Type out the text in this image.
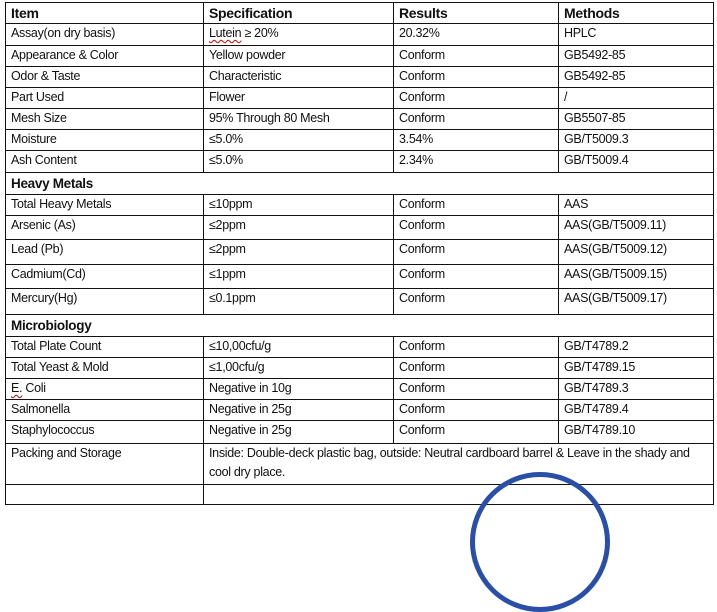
Item	Specification	Results	Methods
Assay(on dry basis)	Lutein ≥ 20%	20.32%	HPLC
Appearance & Color	Yellow powder	Conform	GB5492-85
Odor & Taste	Characteristic	Conform	GB5492-85
Part Used	Flower	Conform	/
Mesh Size	95% Through 80 Mesh	Conform	GB5507-85
Moisture	≤5.0%	3.54%	GB/T5009.3
Ash Content	≤5.0%	2.34%	GB/T5009.4
Heavy Metals			
Total Heavy Metals	≤10ppm	Conform	AAS
Arsenic (As)	≤2ppm	Conform	AAS(GB/T5009.11)
Lead (Pb)	≤2ppm	Conform	AAS(GB/T5009.12)
Cadmium(Cd)	≤1ppm	Conform	AAS(GB/T5009.15)
Mercury(Hg)	≤0.1ppm	Conform	AAS(GB/T5009.17)
Microbiology			
Total Plate Count	≤10,00cfu/g	Conform	GB/T4789.2
Total Yeast & Mold	≤1,00cfu/g	Conform	GB/T4789.15
E. Coli	Negative in 10g	Conform	GB/T4789.3
Salmonella	Negative in 25g	Conform	GB/T4789.4
Staphylococcus	Negative in 25g	Conform	GB/T4789.10
Packing and Storage	Inside: Double-deck plastic bag, outside: Neutral cardboard barrel & Leave in the shady and cool dry place.		
